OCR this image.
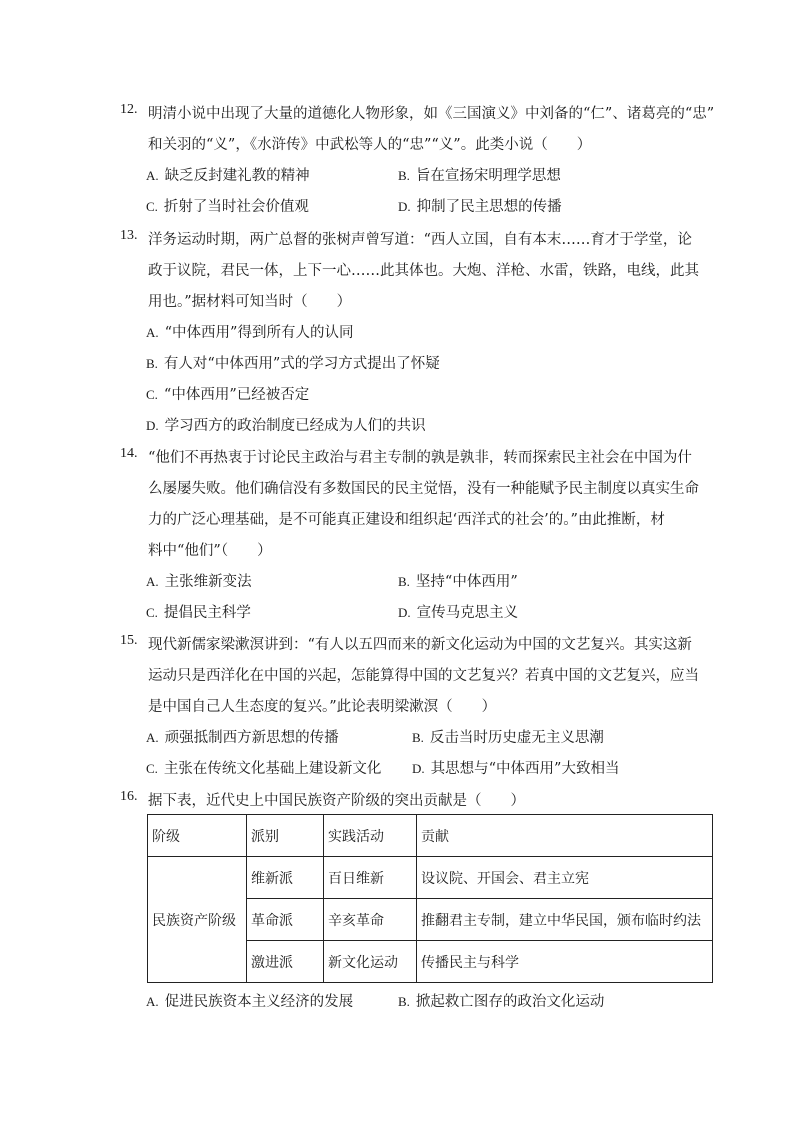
12. 明清小说中出现了大量的道德化人物形象，如《三国演义》中刘备的“仁”、诸葛亮的“忠”
和关羽的“义”，《水浒传》中武松等人的“忠”“义”。此类小说（　　）
A. 缺乏反封建礼教的精神	B. 旨在宣扬宋明理学思想
C. 折射了当时社会价值观	D. 抑制了民主思想的传播
13. 洋务运动时期，两广总督的张树声曾写道：“西人立国，自有本末……育才于学堂，论
政于议院，君民一体，上下一心……此其体也。大炮、洋枪、水雷，铁路，电线，此其
用也。”据材料可知当时（　　）
A. “中体西用”得到所有人的认同
B. 有人对“中体西用”式的学习方式提出了怀疑
C. “中体西用”已经被否定
D. 学习西方的政治制度已经成为人们的共识
14. “他们不再热衷于讨论民主政治与君主专制的孰是孰非，转而探索民主社会在中国为什
么屡屡失败。他们确信没有多数国民的民主觉悟，没有一种能赋予民主制度以真实生命
力的广泛心理基础，是不可能真正建设和组织起‘西洋式的社会’的。”由此推断，材
料中“他们”（　　）
A. 主张维新变法	B. 坚持“中体西用”
C. 提倡民主科学	D. 宣传马克思主义
15. 现代新儒家梁漱溟讲到：“有人以五四而来的新文化运动为中国的文艺复兴。其实这新
运动只是西洋化在中国的兴起，怎能算得中国的文艺复兴？若真中国的文艺复兴，应当
是中国自己人生态度的复兴。”此论表明梁漱溟（　　）
A. 顽强抵制西方新思想的传播	B. 反击当时历史虚无主义思潮
C. 主张在传统文化基础上建设新文化 D. 其思想与“中体西用”大致相当
16. 据下表，近代史上中国民族资产阶级的突出贡献是（　　）
A. 促进民族资本主义经济的发展	B. 掀起救亡图存的政治文化运动
阶级	派别	实践活动	贡献
民族资产阶级	维新派	百日维新	设议院、开国会、君主立宪
	革命派	辛亥革命	推翻君主专制，建立中华民国，颁布临时约法
	激进派	新文化运动	传播民主与科学
